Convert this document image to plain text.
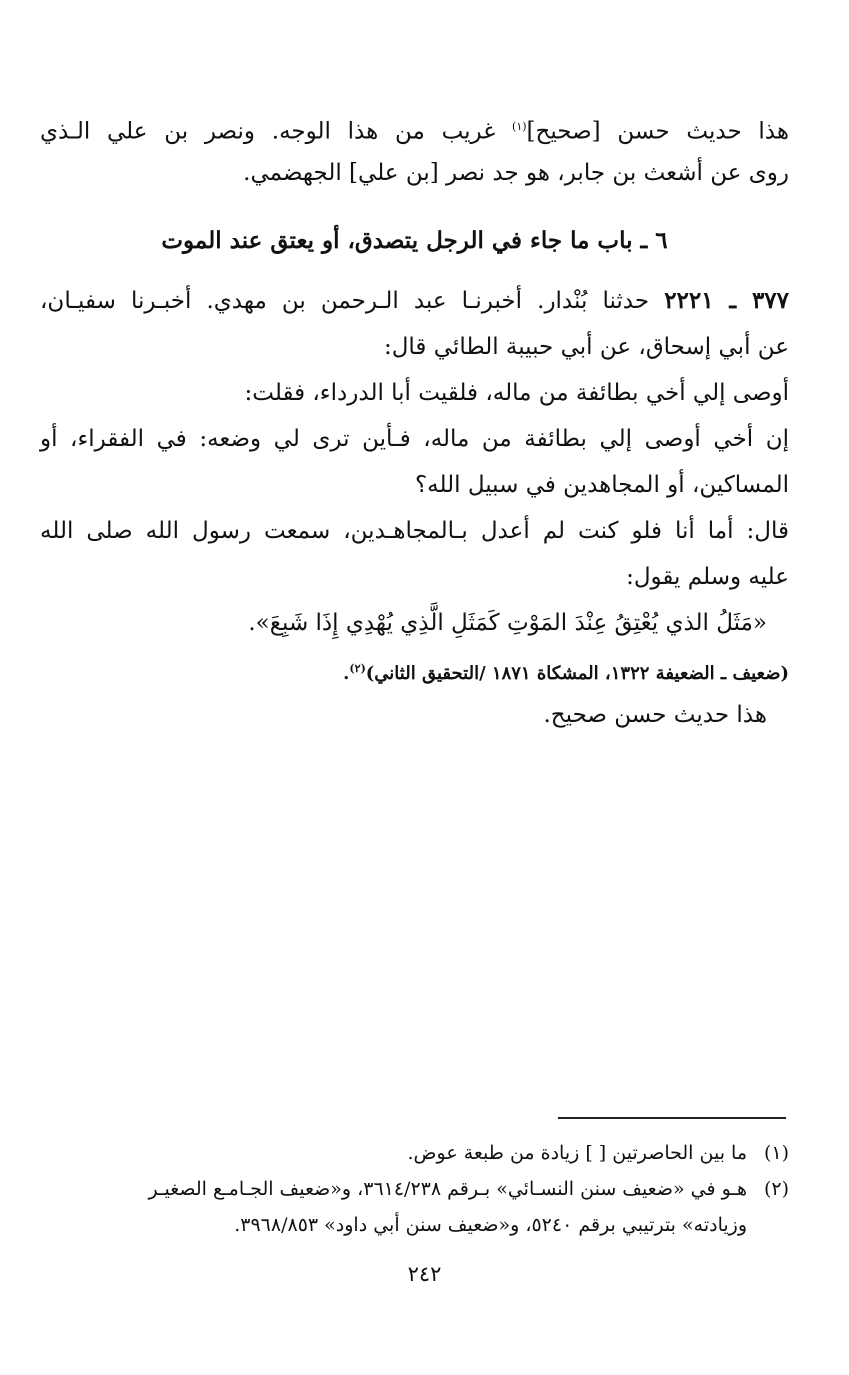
هذا حديث حسن [صحيح]$^{(١)}$ غريب من هذا الوجه. ونصر بن علي الـذي
روى عن أشعث بن جابر، هو جد نصر [بن علي] الجهضمي.
٦ ـ باب ما جاء في الرجل يتصدق، أو يعتق عند الموت
٣٧٧ ـ ٢٢٢١ حدثنا بُنْدار. أخبرنـا عبد الـرحمن بن مهدي. أخبـرنا سفيـان،
عن أبي إسحاق، عن أبي حبيبة الطائي قال:
أوصى إلي أخي بطائفة من ماله، فلقيت أبا الدرداء، فقلت:
إن أخي أوصى إلي بطائفة من ماله، فـأين ترى لي وضعه: في الفقراء، أو
المساكين، أو المجاهدين في سبيل الله؟
قال: أما أنا فلو كنت لم أعدل بـالمجاهـدين، سمعت رسول الله صلى الله
عليه وسلم يقول:
«مَثَلُ الذي يُعْتِقُ عِنْدَ المَوْتِ كَمَثَلِ الَّذِي يُهْدِي إِذَا شَبِعَ».
(ضعيف ـ الضعيفة ١٣٢٢، المشكاة ١٨٧١ /التحقيق الثاني)$^{(٢)}$.
هذا حديث حسن صحيح.
(١)ما بين الحاصرتين [ ] زيادة من طبعة عوض.
(٢)هـو في «ضعيف سنن النسـائي» بـرقم ٣٦١٤/٢٣٨، و«ضعيف الجـامـع الصغيـر
وزيادته» بترتيبي برقم ٥٢٤٠، و«ضعيف سنن أبي داود» ٣٩٦٨/٨٥٣.
٢٤٢
